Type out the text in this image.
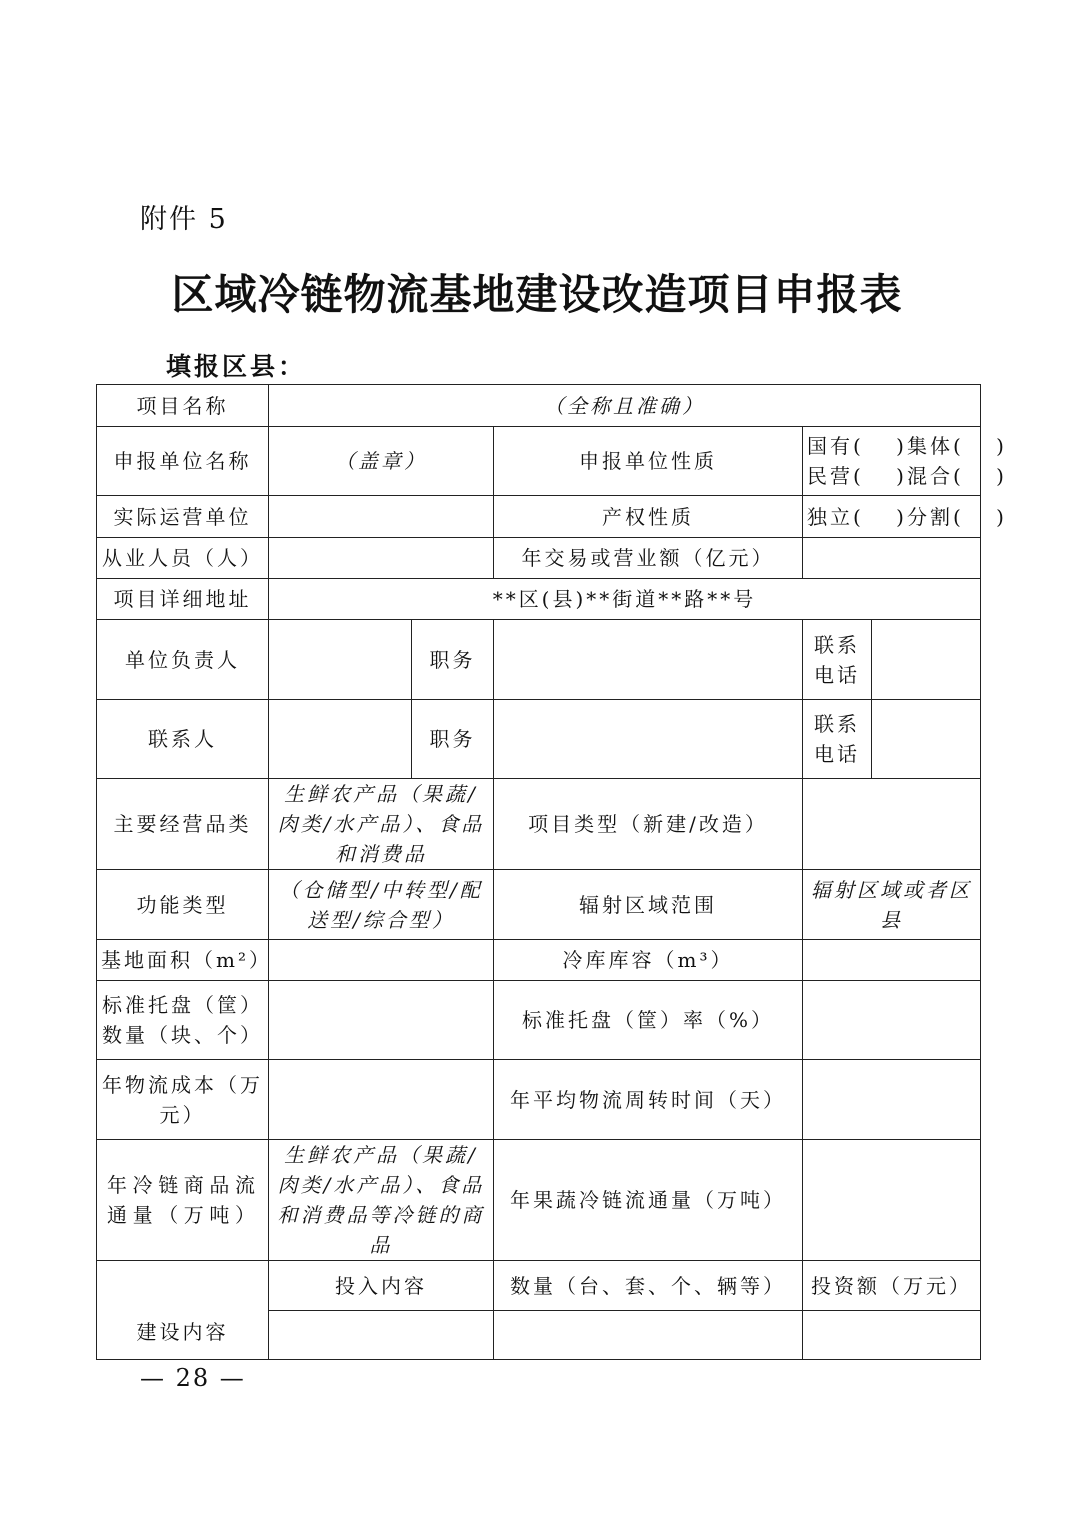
附件 5
区域冷链物流基地建设改造项目申报表
填报区县：
项目名称	（全称且准确）				
申报单位名称	（盖章）		申报单位性质	国有(　 )集体(　 )
民营(　 )混合(　 )	

实际运营单位			产权性质	独立(　 )分割(　 )	
从业人员（人）			年交易或营业额（亿元）		
项目详细地址	**区(县)**街道**路**号				
单位负责人		职务		联系电话	
联系人		职务		联系电话	
主要经营品类	生鲜农产品（果蔬/肉类/水产品）、食品和消费品		项目类型（新建/改造）		
功能类型	（仓储型/中转型/配送型/综合型）		辐射区域范围	辐射区域或者区县	
基地面积（m²）			冷库库容（m³）		
标准托盘（筐）数量（块、个）			标准托盘（筐）率（%）		
年物流成本（万元）			年平均物流周转时间（天）		
年冷链商品流通量（万吨）	生鲜农产品（果蔬/肉类/水产品）、食品和消费品等冷链的商品		年果蔬冷链流通量（万吨）		
建设内容	投入内容		数量（台、套、个、辆等）	投资额（万元）	

— 28 —
